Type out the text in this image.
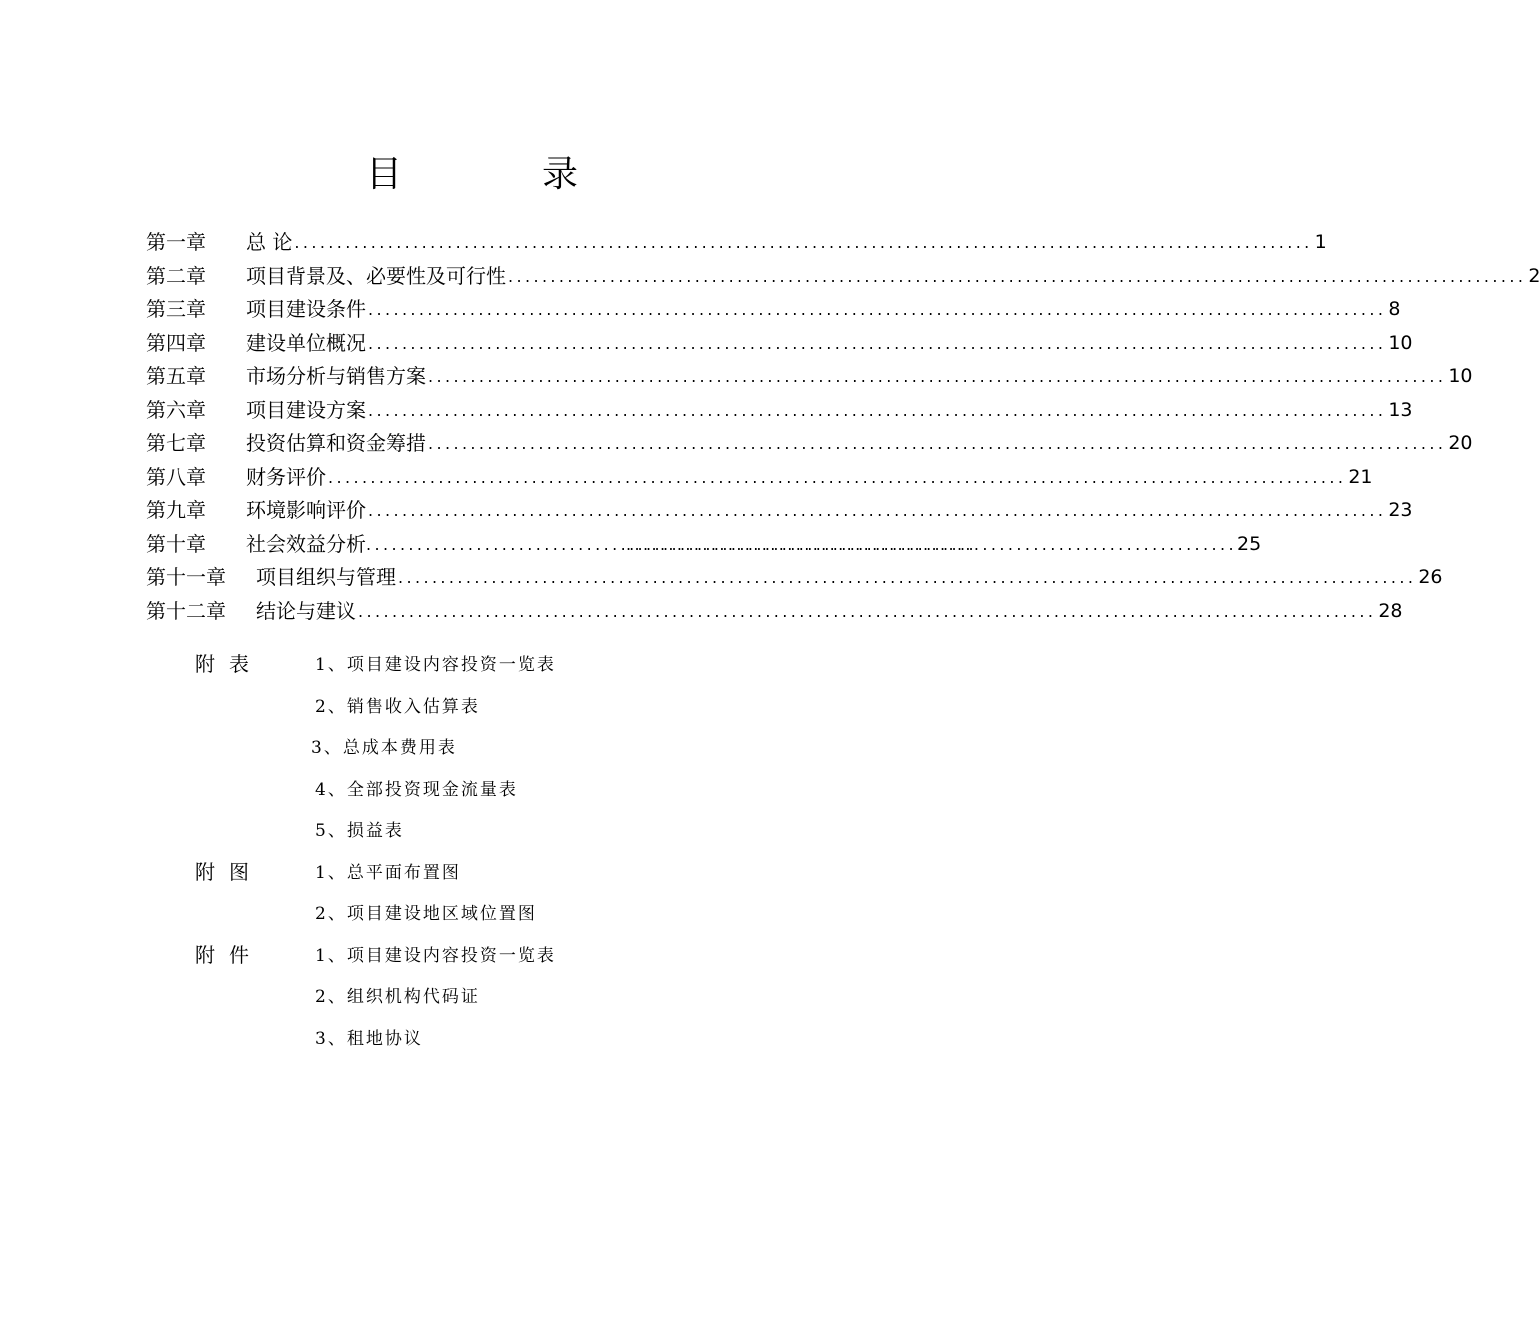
目　录
第一章	总 论 .....	1
第二章	项目背景及、必要性及可行性 .....	2
第三章	项目建设条件 .....	8
第四章	建设单位概况 .....	10
第五章	市场分析与销售方案 .....	10
第六章	项目建设方案 .....	13
第七章	投资估算和资金筹措 .....	20
第八章	财务评价 .....	21
第九章	环境影响评价 .....	23
第十章	社会效益分析 ..... .....	25
第十一章	项目组织与管理 .....	26
第十二章	结论与建议 .....	28
附表	1、项目建设内容投资一览表
2、销售收入估算表
3、总成本费用表
4、全部投资现金流量表
5、损益表
附图	1、总平面布置图
2、项目建设地区域位置图
附件	1、项目建设内容投资一览表
2、组织机构代码证
3、租地协议
